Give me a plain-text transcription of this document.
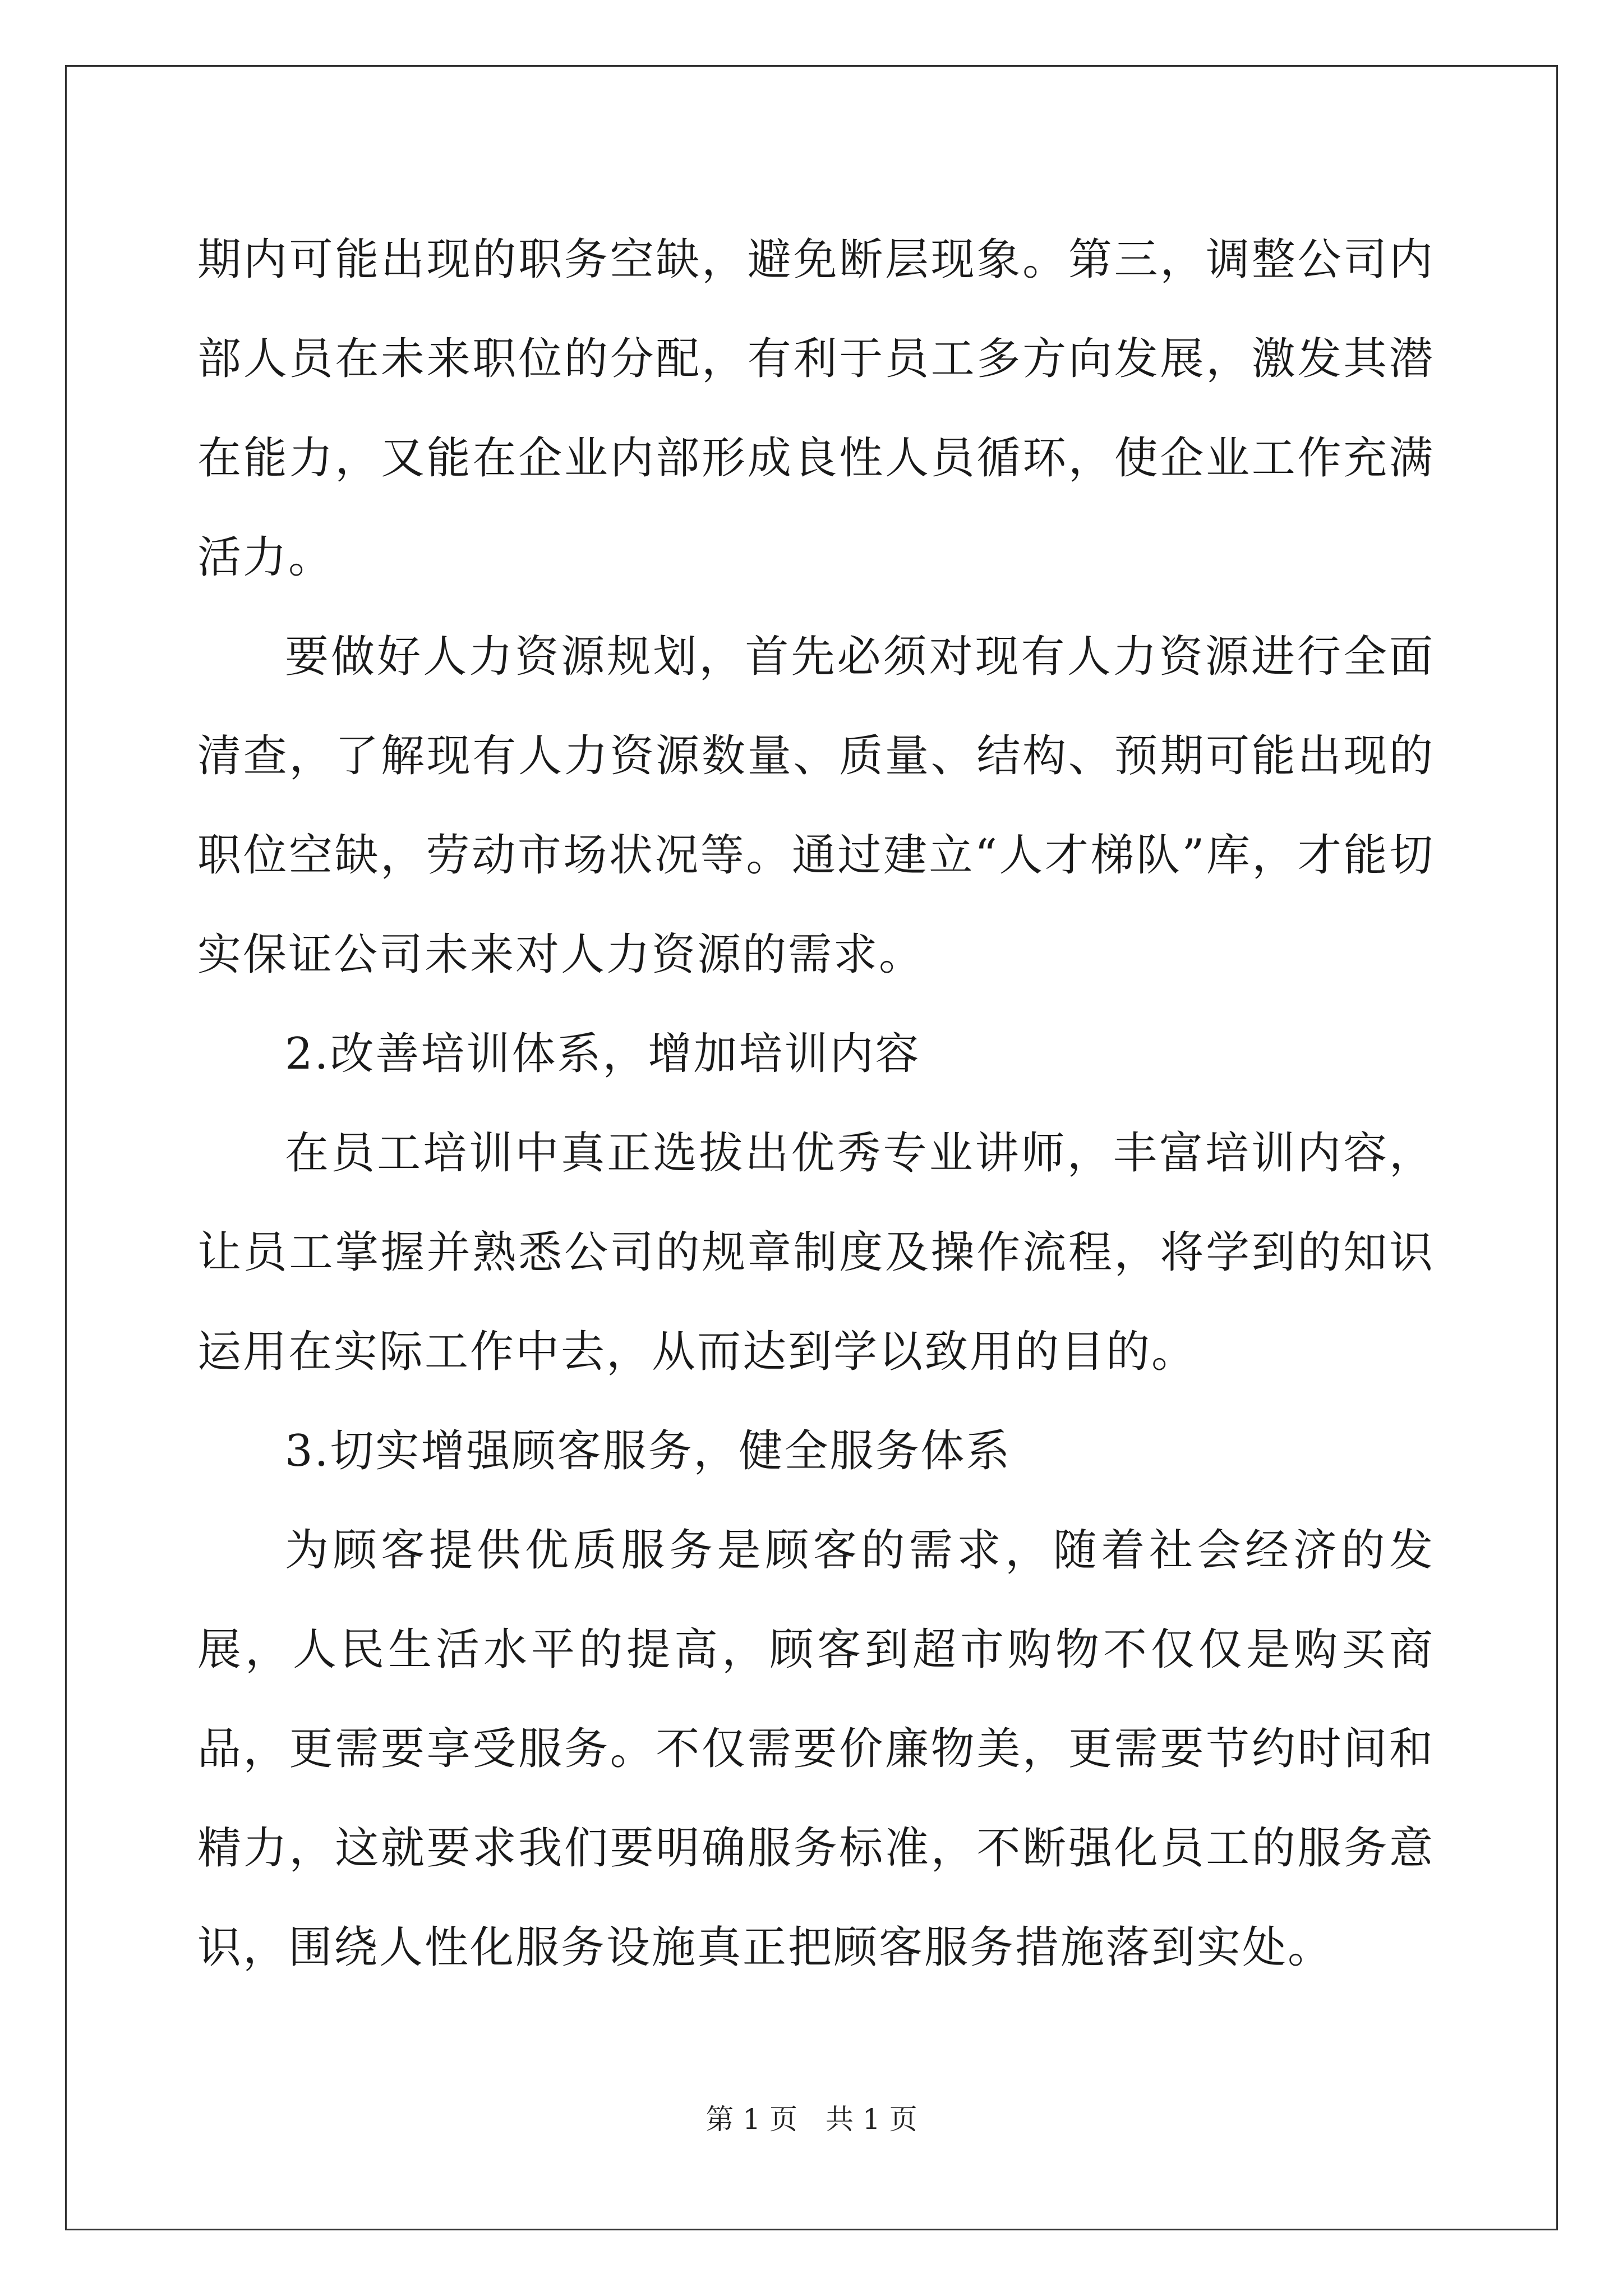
期内可能出现的职务空缺，避免断层现象。第三，调整公司内部人员在未来职位的分配，有利于员工多方向发展，激发其潜在能力，又能在企业内部形成良性人员循环，使企业工作充满活力。

要做好人力资源规划，首先必须对现有人力资源进行全面清查，了解现有人力资源数量、质量、结构、预期可能出现的职位空缺，劳动市场状况等。通过建立“人才梯队”库，才能切实保证公司未来对人力资源的需求。

2.改善培训体系，增加培训内容

在员工培训中真正选拔出优秀专业讲师，丰富培训内容，让员工掌握并熟悉公司的规章制度及操作流程，将学到的知识运用在实际工作中去，从而达到学以致用的目的。

3.切实增强顾客服务，健全服务体系

为顾客提供优质服务是顾客的需求，随着社会经济的发展，人民生活水平的提高，顾客到超市购物不仅仅是购买商品，更需要享受服务。不仅需要价廉物美，更需要节约时间和精力，这就要求我们要明确服务标准，不断强化员工的服务意识，围绕人性化服务设施真正把顾客服务措施落到实处。

第 1 页　共 1 页
